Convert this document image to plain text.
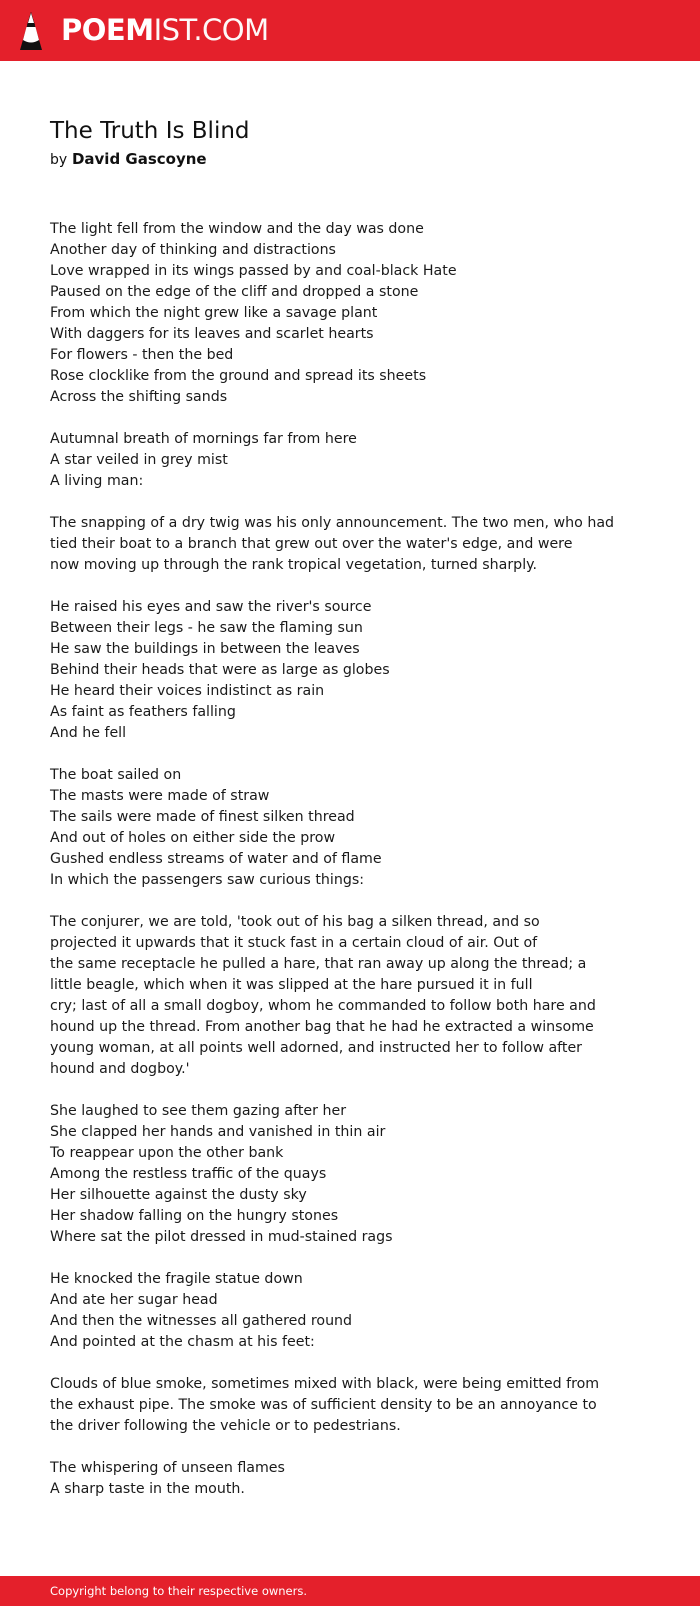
POEMIST.COM
The Truth Is Blind
by David Gascoyne
The light fell from the window and the day was done
Another day of thinking and distractions
Love wrapped in its wings passed by and coal-black Hate
Paused on the edge of the cliff and dropped a stone
From which the night grew like a savage plant
With daggers for its leaves and scarlet hearts
For flowers - then the bed
Rose clocklike from the ground and spread its sheets
Across the shifting sands
Autumnal breath of mornings far from here
A star veiled in grey mist
A living man:
The snapping of a dry twig was his only announcement. The two men, who had
tied their boat to a branch that grew out over the water's edge, and were
now moving up through the rank tropical vegetation, turned sharply.
He raised his eyes and saw the river's source
Between their legs - he saw the flaming sun
He saw the buildings in between the leaves
Behind their heads that were as large as globes
He heard their voices indistinct as rain
As faint as feathers falling
And he fell
The boat sailed on
The masts were made of straw
The sails were made of finest silken thread
And out of holes on either side the prow
Gushed endless streams of water and of flame
In which the passengers saw curious things:
The conjurer, we are told, 'took out of his bag a silken thread, and so
projected it upwards that it stuck fast in a certain cloud of air. Out of
the same receptacle he pulled a hare, that ran away up along the thread; a
little beagle, which when it was slipped at the hare pursued it in full
cry; last of all a small dogboy, whom he commanded to follow both hare and
hound up the thread. From another bag that he had he extracted a winsome
young woman, at all points well adorned, and instructed her to follow after
hound and dogboy.'
She laughed to see them gazing after her
She clapped her hands and vanished in thin air
To reappear upon the other bank
Among the restless traffic of the quays
Her silhouette against the dusty sky
Her shadow falling on the hungry stones
Where sat the pilot dressed in mud-stained rags
He knocked the fragile statue down
And ate her sugar head
And then the witnesses all gathered round
And pointed at the chasm at his feet:
Clouds of blue smoke, sometimes mixed with black, were being emitted from
the exhaust pipe. The smoke was of sufficient density to be an annoyance to
the driver following the vehicle or to pedestrians.
The whispering of unseen flames
A sharp taste in the mouth.
Copyright belong to their respective owners.
